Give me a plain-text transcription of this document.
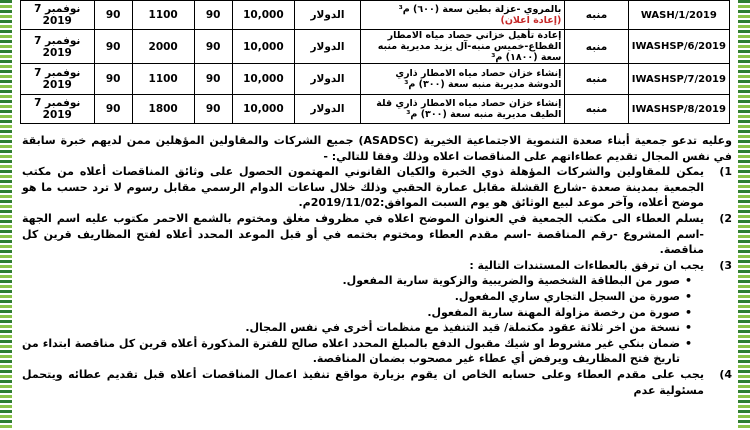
7 نوفمبر 2019	90	1100	90	10,000	الدولار	بالمروي -عزلة بطين سعة (٦٠٠) م³
(إعادة اعلان)	منبه	WASH/1/2019
7 نوفمبر 2019	90	2000	90	10,000	الدولار	إعادة تأهيل خزاني حصاد مياه الامطار
القطاع-خميس منبه-آل يزيد مديرية منبه
سعة (١٨٠٠) م³	منبه	IWASHSP/6/2019
7 نوفمبر 2019	90	1100	90	10,000	الدولار	إنشاء خزان حصاد مياه الامطار ذاري
الدوشة مديرية منبه سعة (٣٠٠) م³	منبه	IWASHSP/7/2019
7 نوفمبر 2019	90	1800	90	10,000	الدولار	إنشاء خزان حصاد مياه الامطار ذاري قلة
الطيف مديرية منبه سعة (٣٠٠) م³	منبه	IWASHSP/8/2019

وعليه تدعو جمعية أبناء صعدة التنموية الاجتماعية الخيرية (ASADSC) جميع الشركات والمقاولين المؤهلين ممن لديهم خبرة سابقة في نفس المجال تقديم عطاءاتهم على المناقصات اعلاه وذلك وفقا للتالي: -

1)
يمكن للمقاولين والشركات المؤهلة ذوي الخبرة والكيان القانوني المهتمون الحصول على وثائق المناقصات أعلاه من مكتب الجمعية بمدينة صعدة -شارع القشلة مقابل عمارة الحقبي وذلك خلال ساعات الدوام الرسمي مقابل رسوم لا ترد حسب ما هو موضح أعلاه، وآخر موعد لبيع الوثائق هو يوم السبت الموافق:2019/11/02م.
2)
يسلم العطاء الى مكتب الجمعية في العنوان الموضح اعلاه في مظروف مغلق ومختوم بالشمع الاحمر مكتوب عليه اسم الجهة -اسم المشروع -رقم المناقصة -اسم مقدم العطاء ومختوم بختمه في أو قبل الموعد المحدد أعلاه لفتح المظاريف قرين كل مناقصة.
3)
يجب ان ترفق بالعطاءات المستندات التالية :
•
صور من البطاقة الشخصية والضريبية والزكوية سارية المفعول.
•
صورة من السجل التجاري ساري المفعول.
•
صورة من رخصة مزاولة المهنة سارية المفعول.
•
نسخة من اخر ثلاثة عقود مكتملة/ قيد التنفيذ مع منظمات أخرى في نفس المجال.
•
ضمان بنكي غير مشروط او شيك مقبول الدفع بالمبلغ المحدد اعلاه صالح للفترة المذكورة أعلاه قرين كل مناقصة ابتداء من تاريخ فتح المظاريف ويرفض أي عطاء غير مصحوب بضمان المناقصة.
4)
يجب على مقدم العطاء وعلى حسابه الخاص ان يقوم بزيارة مواقع تنفيذ اعمال المناقصات أعلاه قبل تقديم عطائه ويتحمل مسئولية عدم
